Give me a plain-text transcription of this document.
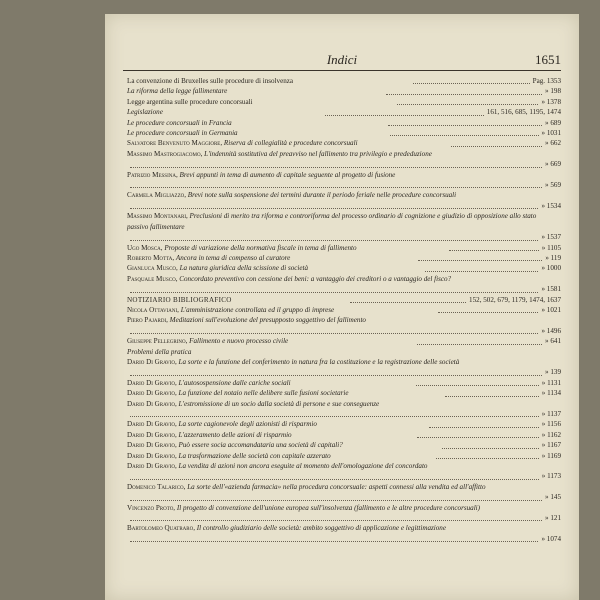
Indici	1651
La convenzione di Bruxelles sulle procedure di insolvenza	Pag. 1353
La riforma della legge fallimentare	» 198
Legge argentina sulle procedure concorsuali	» 1378
Legislazione	161, 516, 685, 1195, 1474
Le procedure concorsuali in Francia	» 689
Le procedure concorsuali in Germania	» 1031
Salvatore Benvenuto Maggiore, Riserva di collegialità e procedure concorsuali	» 662
Massimo Mastrogiacomo, L'indennità sostitutiva del preavviso nel fallimento tra privilegio e prededuzione
» 669
Patrizio Messina, Brevi appunti in tema di aumento di capitale seguente al progetto di fusione
» 569
Carmela Migliazzo, Brevi note sulla sospensione dei termini durante il periodo feriale nelle procedure concorsuali
» 1534
Massimo Montanari, Preclusioni di merito tra riforma e controriforma del processo ordinario di cognizione e giudizio di opposizione allo stato passivo fallimentare
» 1537
Ugo Mosca, Proposte di variazione della normativa fiscale in tema di fallimento	» 1105
Roberto Motta, Ancora in tema di compenso al curatore	» 119
Gianluca Musco, La natura giuridica della scissione di società	» 1000
Pasquale Musco, Concordato preventivo con cessione dei beni: a vantaggio dei creditori o a vantaggio del fisco?
» 1581
NOTIZIARIO BIBLIOGRAFICO	152, 502, 679, 1179, 1474, 1637
Nicola Ottaviani, L'amministrazione controllata ed il gruppo di imprese	» 1021
Piero Pajardi, Meditazioni sull'evoluzione del presupposto soggettivo del fallimento
» 1496
Giuseppe Pellegrino, Fallimento e nuovo processo civile	» 641
Problemi della pratica
Dario Di Gravio, La sorte e la funzione del conferimento in natura fra la costituzione e la registrazione delle società
» 139
Dario Di Gravio, L'autosospensione dalle cariche sociali	» 1131
Dario Di Gravio, La funzione del notaio nelle delibere sulle fusioni societarie	» 1134
Dario Di Gravio, L'estromissione di un socio dalla società di persone e sue conseguenze
» 1137
Dario Di Gravio, La sorte cagionevole degli azionisti di risparmio	» 1156
Dario Di Gravio, L'azzeramento delle azioni di risparmio	» 1162
Dario Di Gravio, Può essere socia accomandataria una società di capitali?	» 1167
Dario Di Gravio, La trasformazione delle società con capitale azzerato	» 1169
Dario Di Gravio, La vendita di azioni non ancora eseguite al momento dell'omologazione del concordato
» 1173
Domenico Talarico, La sorte dell'«azienda farmacia» nella procedura concorsuale: aspetti connessi alla vendita ed all'affitto
» 145
Vincenzo Proto, Il progetto di convenzione dell'unione europea sull'insolvenza (fallimento e le altre procedure concorsuali)
» 121
Bartolomeo Quatraro, Il controllo giudiziario delle società: ambito soggettivo di applicazione e legittimazione
» 1074
